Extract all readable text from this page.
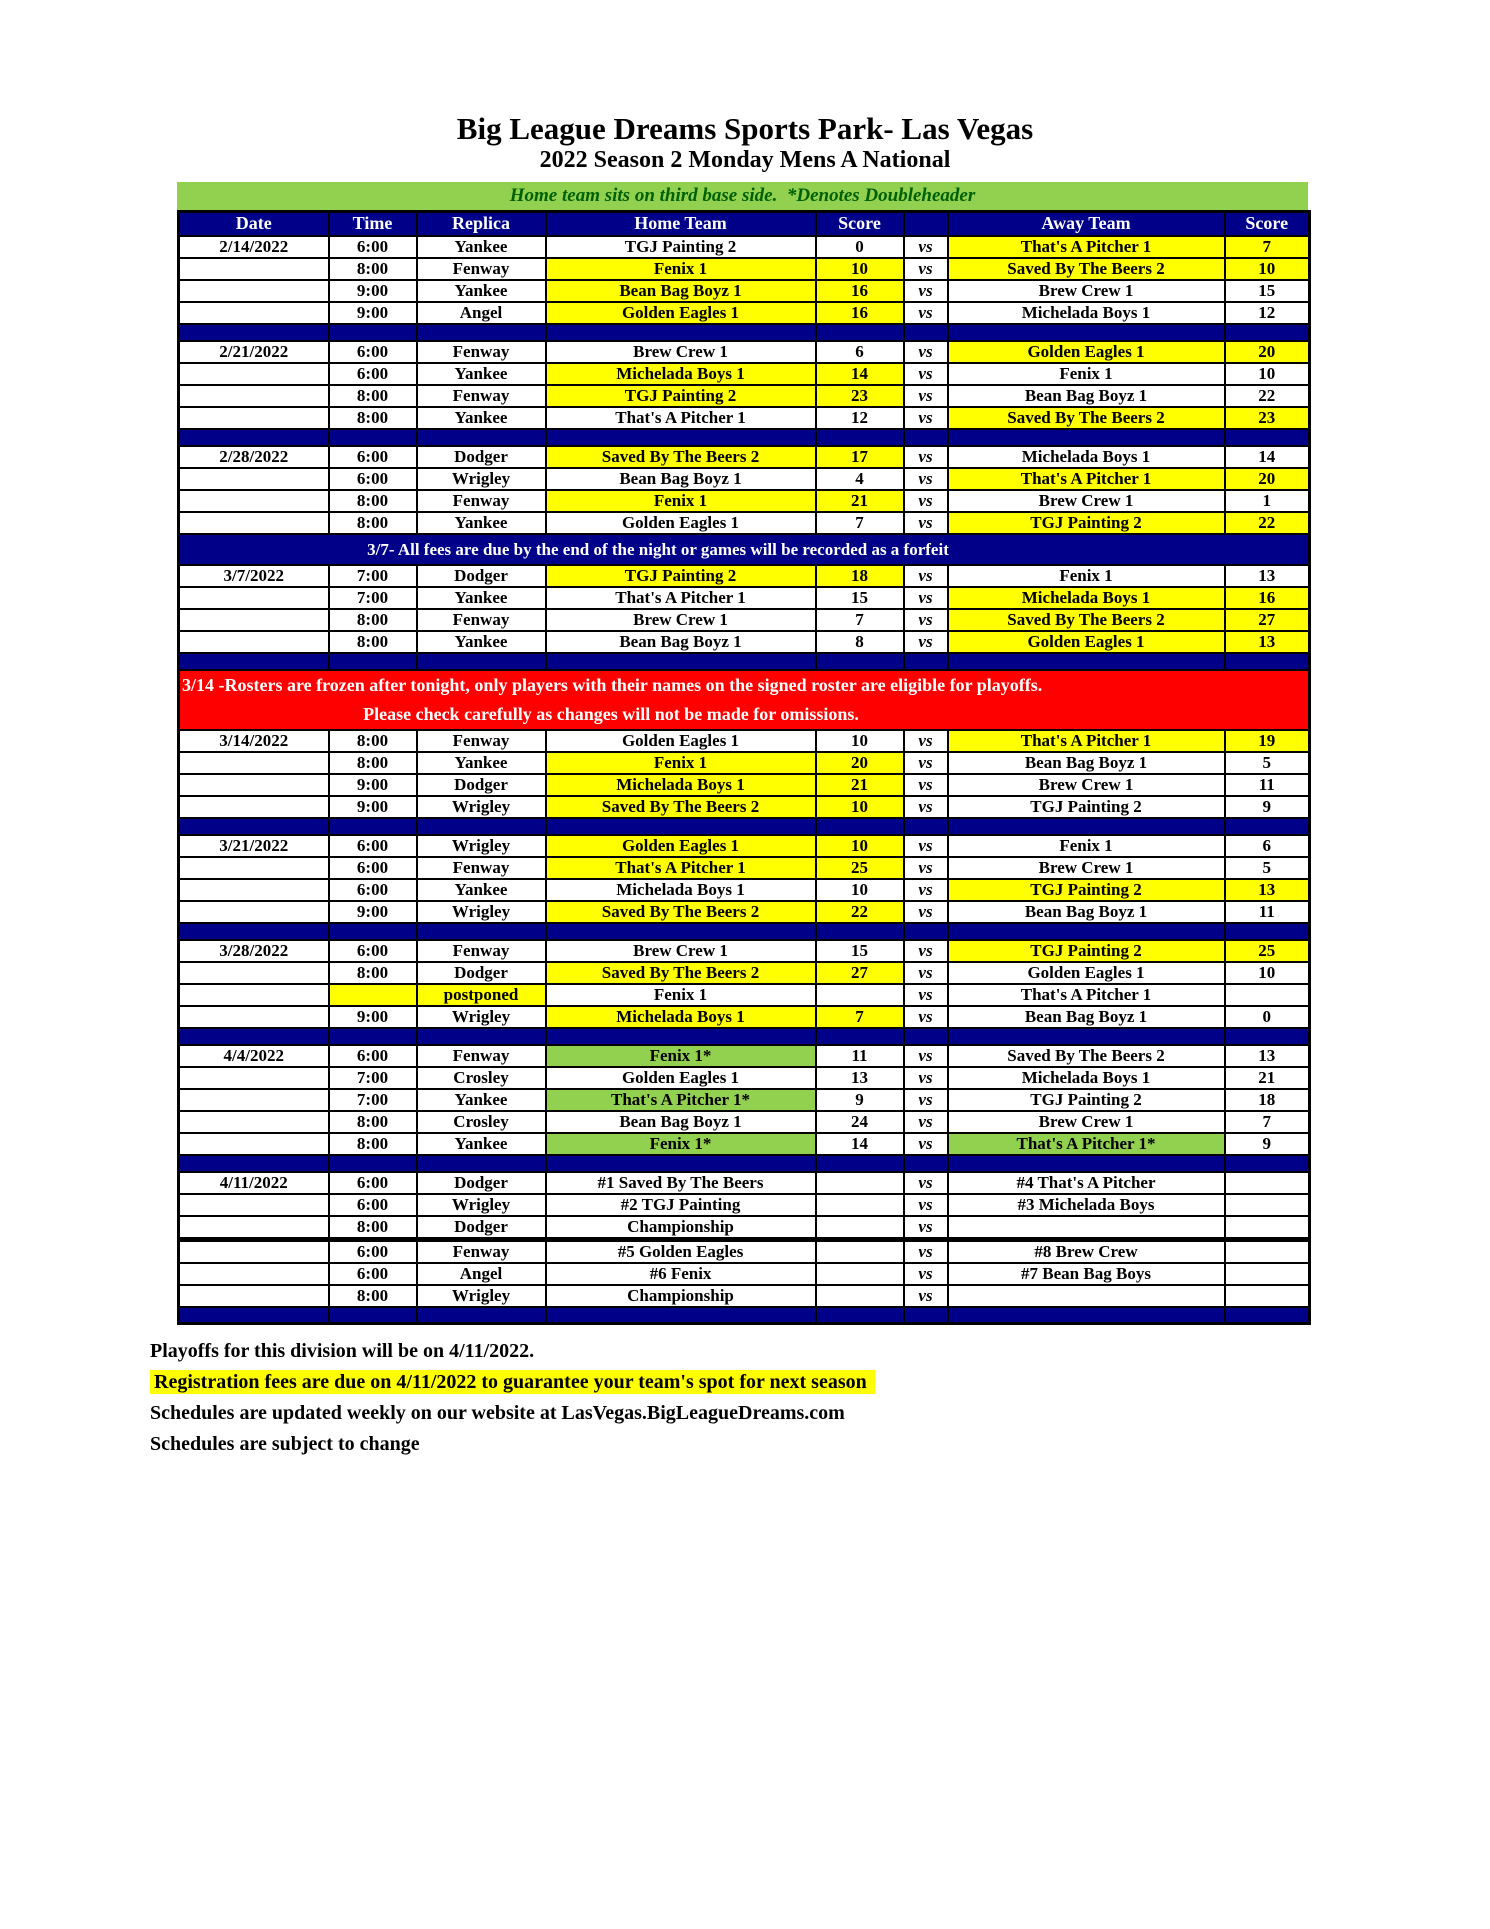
Big League Dreams Sports Park- Las Vegas
2022 Season 2 Monday Mens A National
Home team sits on third base side.  *Denotes Doubleheader
Date	Time	Replica	Home Team	Score		Away Team	Score
2/14/2022	6:00	Yankee	TGJ Painting 2	0	vs	That's A Pitcher 1	7
	8:00	Fenway	Fenix 1	10	vs	Saved By The Beers 2	10
	9:00	Yankee	Bean Bag Boyz 1	16	vs	Brew Crew 1	15
	9:00	Angel	Golden Eagles 1	16	vs	Michelada Boys 1	12

2/21/2022	6:00	Fenway	Brew Crew 1	6	vs	Golden Eagles 1	20
	6:00	Yankee	Michelada Boys 1	14	vs	Fenix 1	10
	8:00	Fenway	TGJ Painting 2	23	vs	Bean Bag Boyz 1	22
	8:00	Yankee	That's A Pitcher 1	12	vs	Saved By The Beers 2	23

2/28/2022	6:00	Dodger	Saved By The Beers 2	17	vs	Michelada Boys 1	14
	6:00	Wrigley	Bean Bag Boyz 1	4	vs	That's A Pitcher 1	20
	8:00	Fenway	Fenix 1	21	vs	Brew Crew 1	1
	8:00	Yankee	Golden Eagles 1	7	vs	TGJ Painting 2	22

3/7- All fees are due by the end of the night or games will be recorded as a forfeit							

3/7/2022	7:00	Dodger	TGJ Painting 2	18	vs	Fenix 1	13
	7:00	Yankee	That's A Pitcher 1	15	vs	Michelada Boys 1	16
	8:00	Fenway	Brew Crew 1	7	vs	Saved By The Beers 2	27
	8:00	Yankee	Bean Bag Boyz 1	8	vs	Golden Eagles 1	13

3/14 -Rosters are frozen after tonight, only players with their names on the signed roster are eligible for playoffs.
Please check carefully as changes will not be made for omissions.							

3/14/2022	8:00	Fenway	Golden Eagles 1	10	vs	That's A Pitcher 1	19
	8:00	Yankee	Fenix 1	20	vs	Bean Bag Boyz 1	5
	9:00	Dodger	Michelada Boys 1	21	vs	Brew Crew 1	11
	9:00	Wrigley	Saved By The Beers 2	10	vs	TGJ Painting 2	9

3/21/2022	6:00	Wrigley	Golden Eagles 1	10	vs	Fenix 1	6
	6:00	Fenway	That's A Pitcher 1	25	vs	Brew Crew 1	5
	6:00	Yankee	Michelada Boys 1	10	vs	TGJ Painting 2	13
	9:00	Wrigley	Saved By The Beers 2	22	vs	Bean Bag Boyz 1	11

3/28/2022	6:00	Fenway	Brew Crew 1	15	vs	TGJ Painting 2	25
	8:00	Dodger	Saved By The Beers 2	27	vs	Golden Eagles 1	10
		postponed	Fenix 1		vs	That's A Pitcher 1	
	9:00	Wrigley	Michelada Boys 1	7	vs	Bean Bag Boyz 1	0

4/4/2022	6:00	Fenway	Fenix 1*	11	vs	Saved By The Beers 2	13
	7:00	Crosley	Golden Eagles 1	13	vs	Michelada Boys 1	21
	7:00	Yankee	That's A Pitcher 1*	9	vs	TGJ Painting 2	18
	8:00	Crosley	Bean Bag Boyz 1	24	vs	Brew Crew 1	7
	8:00	Yankee	Fenix 1*	14	vs	That's A Pitcher 1*	9

4/11/2022	6:00	Dodger	#1 Saved By The Beers		vs	#4 That's A Pitcher	
	6:00	Wrigley	#2 TGJ Painting		vs	#3 Michelada Boys	
	8:00	Dodger	Championship		vs		
	6:00	Fenway	#5 Golden Eagles		vs	#8 Brew Crew	
	6:00	Angel	#6 Fenix		vs	#7 Bean Bag Boys	
	8:00	Wrigley	Championship		vs		

Playoffs for this division will be on 4/11/2022.
Registration fees are due on 4/11/2022 to guarantee your team's spot for next season
Schedules are updated weekly on our website at LasVegas.BigLeagueDreams.com
Schedules are subject to change
